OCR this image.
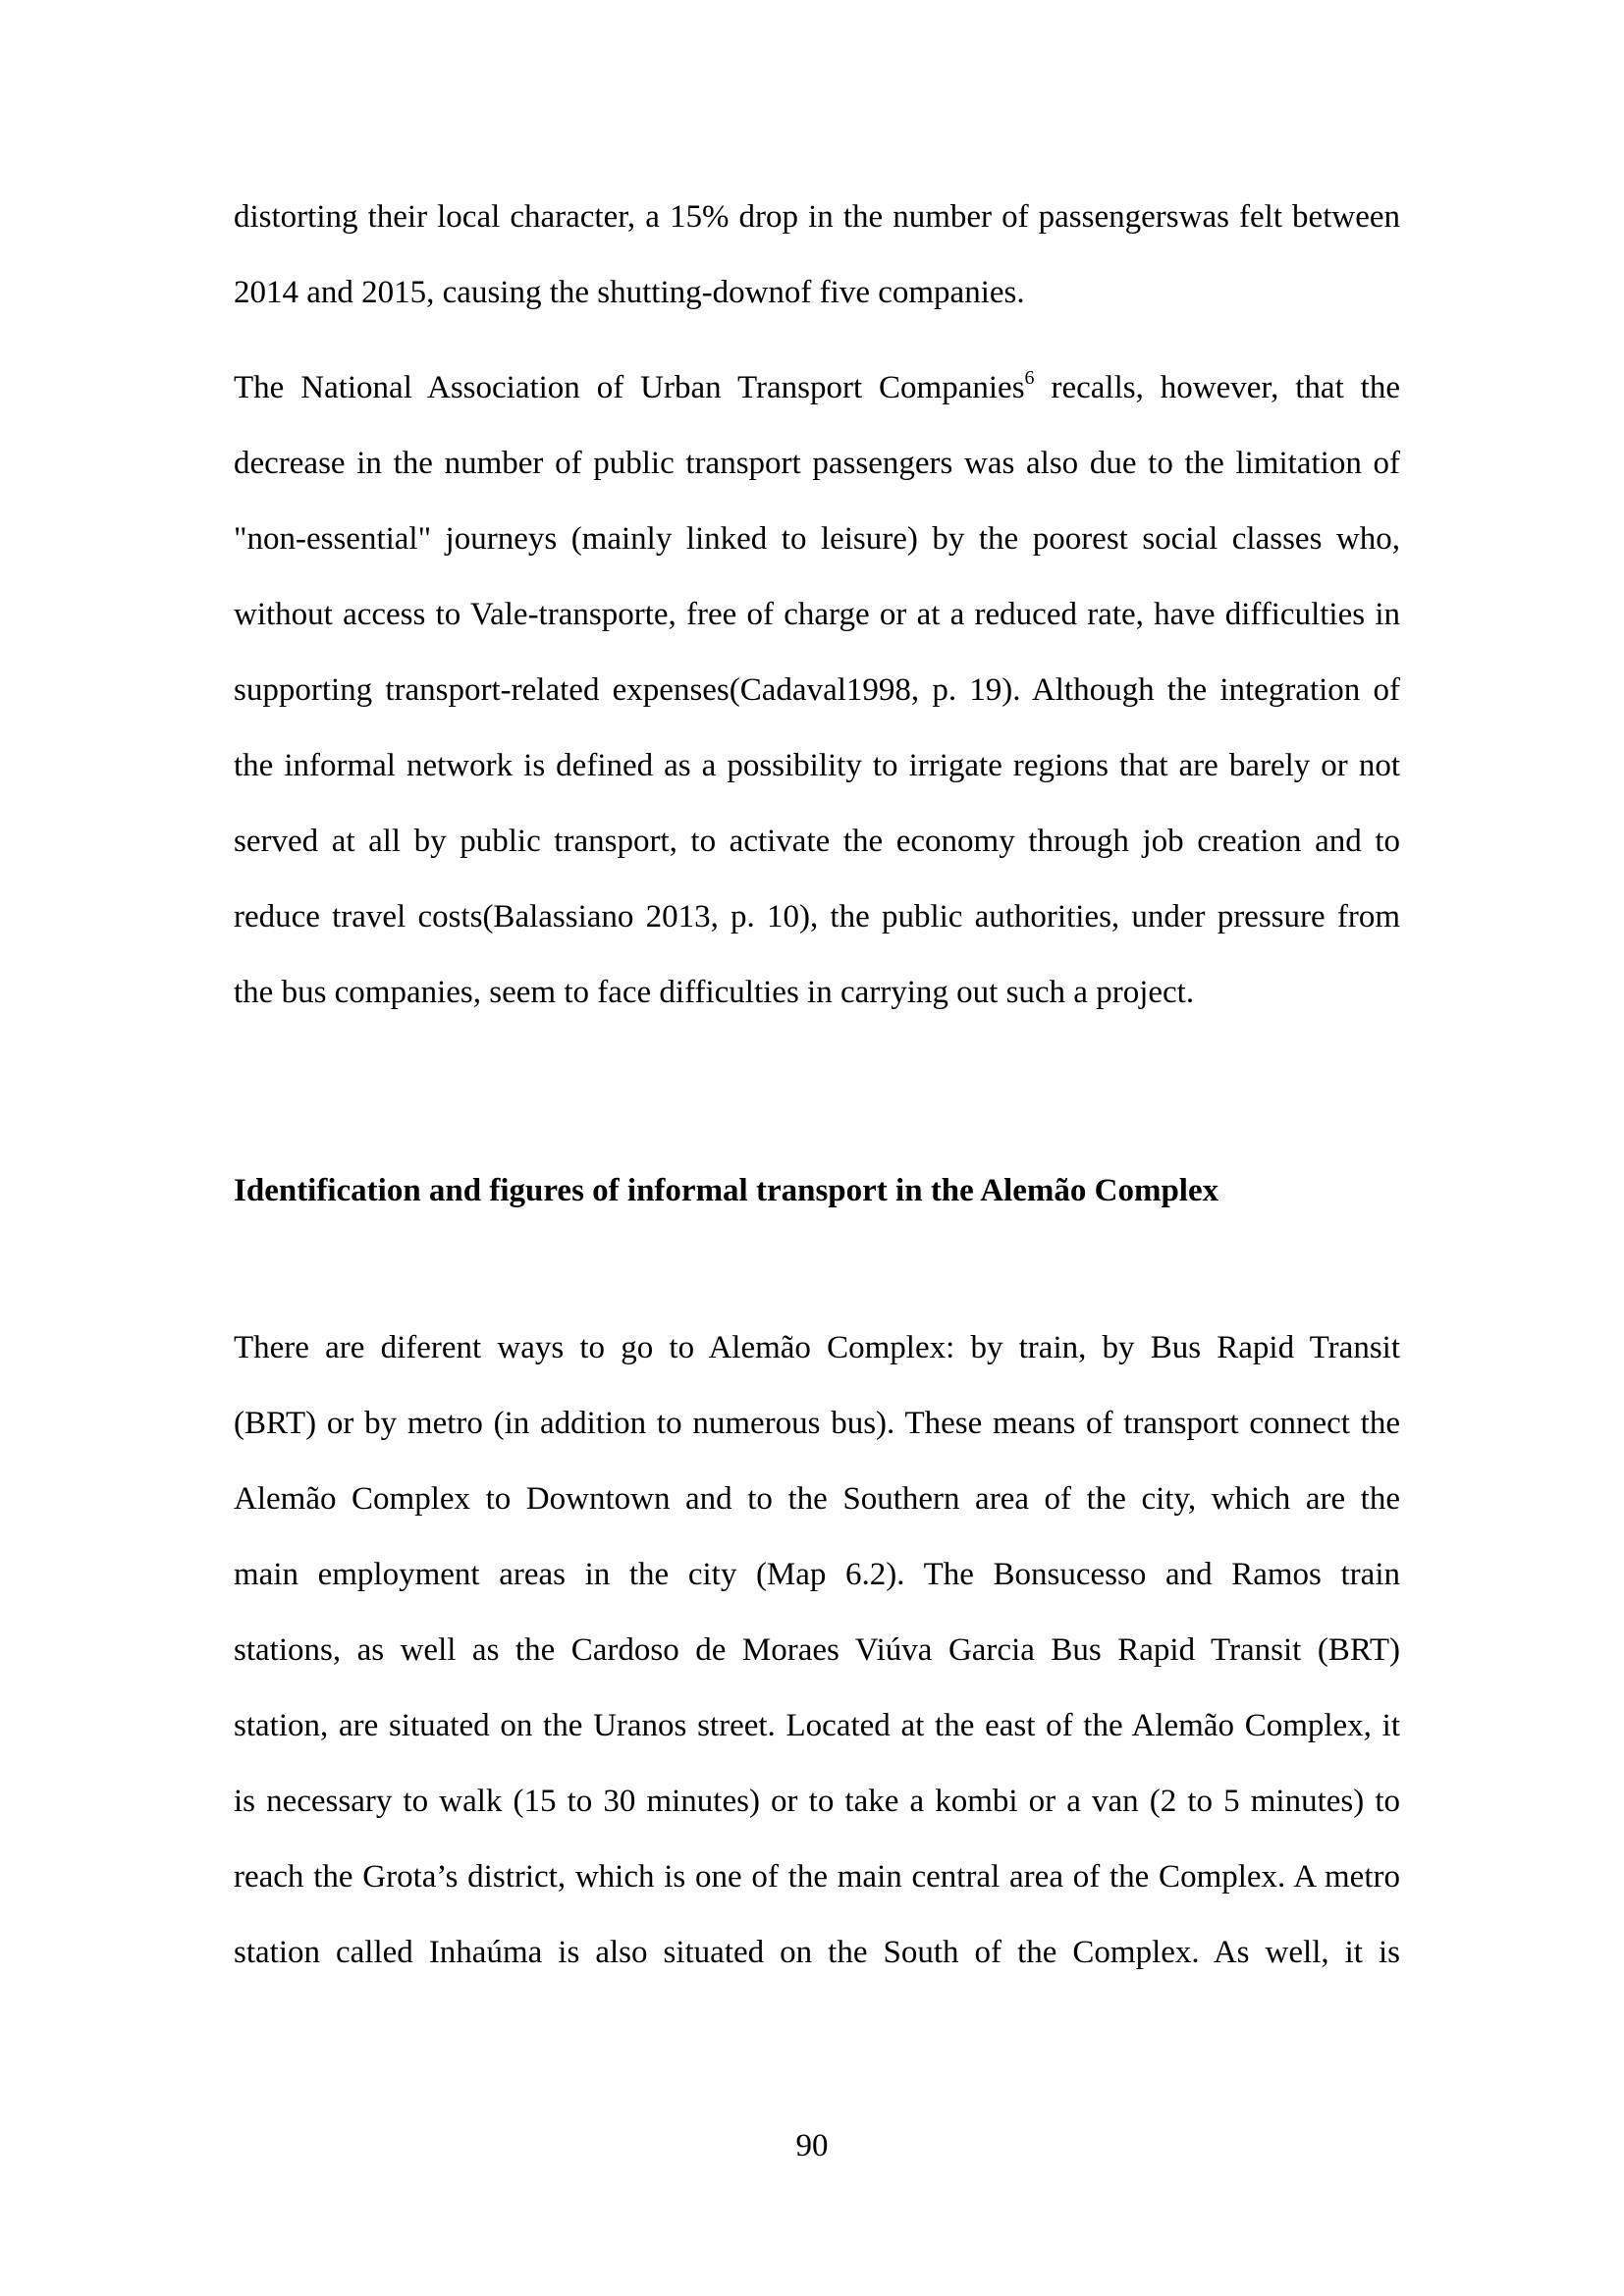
distorting their local character, a 15% drop in the number of passengerswas felt between
2014 and 2015, causing the shutting-downof five companies.
The National Association of Urban Transport Companies$^6$ recalls, however, that the
decrease in the number of public transport passengers was also due to the limitation of
"non-essential" journeys (mainly linked to leisure) by the poorest social classes who,
without access to Vale-transporte, free of charge or at a reduced rate, have difficulties in
supporting transport-related expenses(Cadaval1998, p. 19). Although the integration of
the informal network is defined as a possibility to irrigate regions that are barely or not
served at all by public transport, to activate the economy through job creation and to
reduce travel costs(Balassiano 2013, p. 10), the public authorities, under pressure from
the bus companies, seem to face difficulties in carrying out such a project.
Identification and figures of informal transport in the Alemão Complex
There are diferent ways to go to Alemão Complex: by train, by Bus Rapid Transit
(BRT) or by metro (in addition to numerous bus). These means of transport connect the
Alemão Complex to Downtown and to the Southern area of the city, which are the
main employment areas in the city (Map 6.2). The Bonsucesso and Ramos train
stations, as well as the Cardoso de Moraes Viúva Garcia Bus Rapid Transit (BRT)
station, are situated on the Uranos street. Located at the east of the Alemão Complex, it
is necessary to walk (15 to 30 minutes) or to take a kombi or a van (2 to 5 minutes) to
reach the Grota’s district, which is one of the main central area of the Complex. A metro
station called Inhaúma is also situated on the South of the Complex. As well, it is
90
